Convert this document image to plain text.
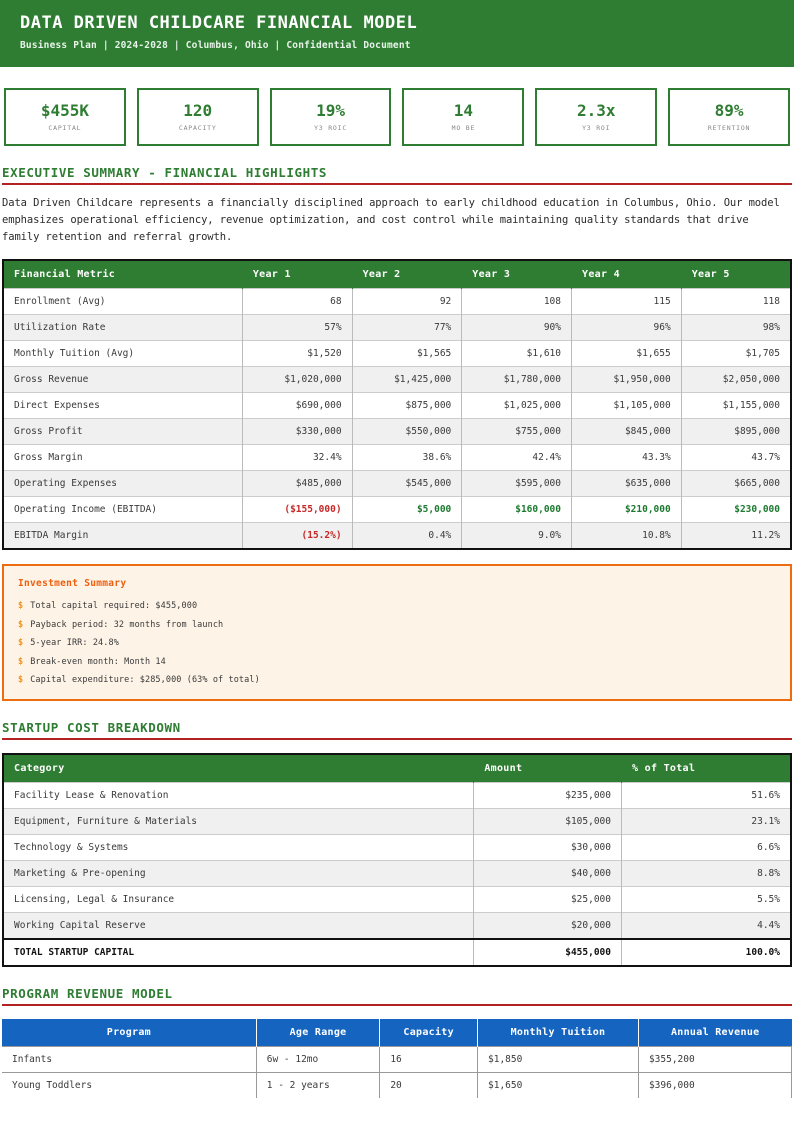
DATA DRIVEN CHILDCARE FINANCIAL MODEL
Business Plan | 2024-2028 | Columbus, Ohio | Confidential Document
$455K
CAPITAL
120
CAPACITY
19%
Y3 ROIC
14
MO BE
2.3x
Y3 ROI
89%
RETENTION
EXECUTIVE SUMMARY - FINANCIAL HIGHLIGHTS

Data Driven Childcare represents a financially disciplined approach to early childhood education in Columbus, Ohio. Our model emphasizes operational efficiency, revenue optimization, and cost control while maintaining quality standards that drive family retention and referral growth.

Financial Metric	Year 1	Year 2	Year 3	Year 4	Year 5
Enrollment (Avg)	68	92	108	115	118
Utilization Rate	57%	77%	90%	96%	98%
Monthly Tuition (Avg)	$1,520	$1,565	$1,610	$1,655	$1,705
Gross Revenue	$1,020,000	$1,425,000	$1,780,000	$1,950,000	$2,050,000
Direct Expenses	$690,000	$875,000	$1,025,000	$1,105,000	$1,155,000
Gross Profit	$330,000	$550,000	$755,000	$845,000	$895,000
Gross Margin	32.4%	38.6%	42.4%	43.3%	43.7%
Operating Expenses	$485,000	$545,000	$595,000	$635,000	$665,000
Operating Income (EBITDA)	($155,000)	$5,000	$160,000	$210,000	$230,000
EBITDA Margin	(15.2%)	0.4%	9.0%	10.8%	11.2%
Investment Summary
$ Total capital required: $455,000
$ Payback period: 32 months from launch
$ 5-year IRR: 24.8%
$ Break-even month: Month 14
$ Capital expenditure: $285,000 (63% of total)
STARTUP COST BREAKDOWN
Category	Amount	% of Total
Facility Lease & Renovation	$235,000	51.6%
Equipment, Furniture & Materials	$105,000	23.1%
Technology & Systems	$30,000	6.6%
Marketing & Pre-opening	$40,000	8.8%
Licensing, Legal & Insurance	$25,000	5.5%
Working Capital Reserve	$20,000	4.4%
TOTAL STARTUP CAPITAL	$455,000	100.0%
PROGRAM REVENUE MODEL
Program	Age Range	Capacity	Monthly Tuition	Annual Revenue
Infants	6w - 12mo	16	$1,850	$355,200
Young Toddlers	1 - 2 years	20	$1,650	$396,000
